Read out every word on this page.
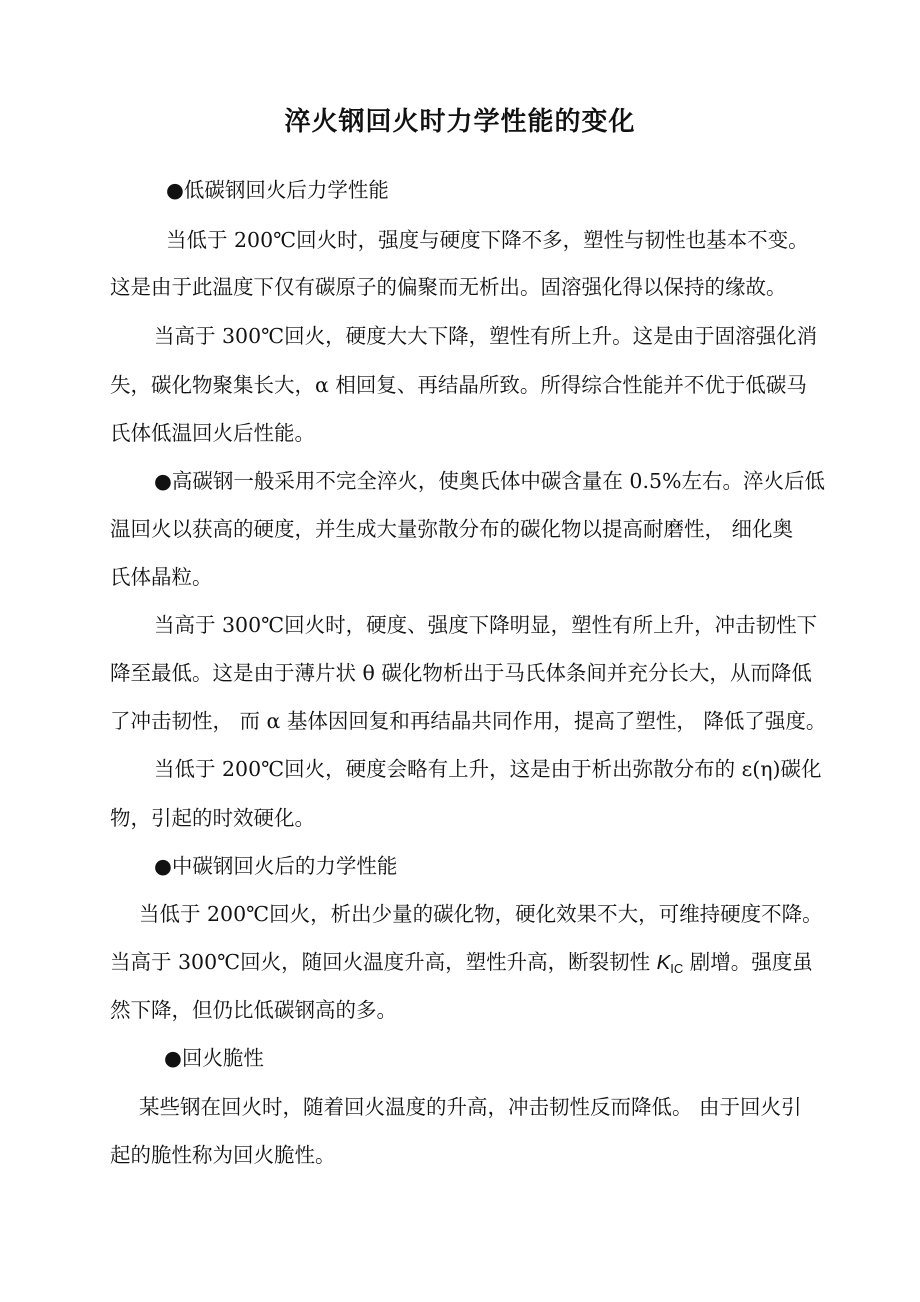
淬火钢回火时力学性能的变化
●低碳钢回火后力学性能
当低于 200℃回火时，强度与硬度下降不多，塑性与韧性也基本不变。
这是由于此温度下仅有碳原子的偏聚而无析出。固溶强化得以保持的缘故。
当高于 300℃回火，硬度大大下降，塑性有所上升。这是由于固溶强化消
失，碳化物聚集长大，α 相回复、再结晶所致。所得综合性能并不优于低碳马
氏体低温回火后性能。
●高碳钢一般采用不完全淬火，使奥氏体中碳含量在 0.5%左右。淬火后低
温回火以获高的硬度，并生成大量弥散分布的碳化物以提高耐磨性， 细化奥
氏体晶粒。
当高于 300℃回火时，硬度、强度下降明显，塑性有所上升，冲击韧性下
降至最低。这是由于薄片状 θ 碳化物析出于马氏体条间并充分长大，从而降低
了冲击韧性， 而 α 基体因回复和再结晶共同作用，提高了塑性， 降低了强度。
当低于 200℃回火，硬度会略有上升，这是由于析出弥散分布的 ε(η)碳化
物，引起的时效硬化。
●中碳钢回火后的力学性能
当低于 200℃回火，析出少量的碳化物，硬化效果不大，可维持硬度不降。
当高于 300℃回火，随回火温度升高，塑性升高，断裂韧性 $K_{IC}$ 剧增。强度虽
然下降，但仍比低碳钢高的多。
●回火脆性
某些钢在回火时，随着回火温度的升高，冲击韧性反而降低。 由于回火引
起的脆性称为回火脆性。
